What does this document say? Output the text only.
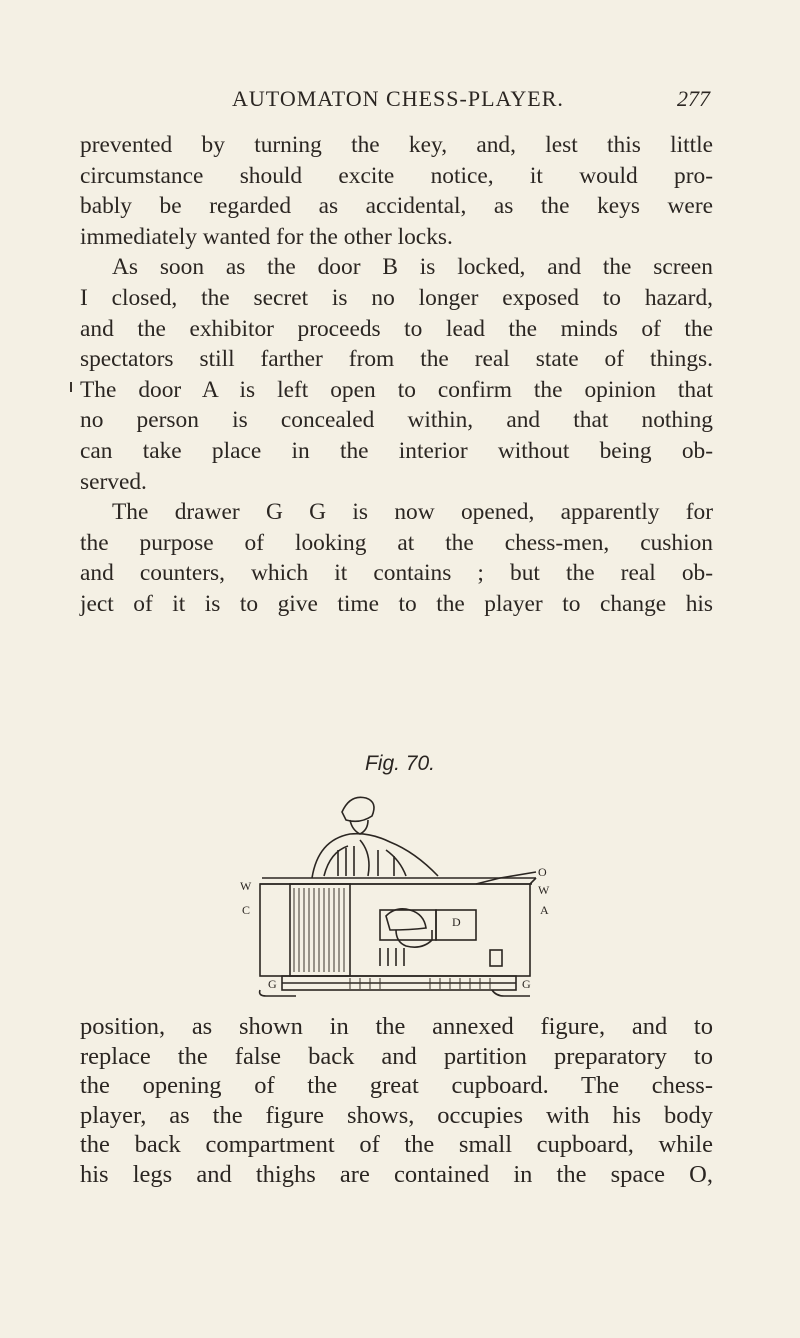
AUTOMATON CHESS-PLAYER.	277
prevented by turning the key, and, lest this little
circumstance should excite notice, it would pro-
bably be regarded as accidental, as the keys were
immediately wanted for the other locks.
As soon as the door B is locked, and the screen
I closed, the secret is no longer exposed to hazard,
and the exhibitor proceeds to lead the minds of the
spectators still farther from the real state of things.
The door A is left open to confirm the opinion that
no person is concealed within, and that nothing
can take place in the interior without being ob-
served.
The drawer G G is now opened, apparently for
the purpose of looking at the chess-men, cushion
and counters, which it contains ; but the real ob-
ject of it is to give time to the player to change his
Fig. 70.
W
C
D
O
W
A
G	G
position, as shown in the annexed figure, and to
replace the false back and partition preparatory to
the opening of the great cupboard. The chess-
player, as the figure shows, occupies with his body
the back compartment of the small cupboard, while
his legs and thighs are contained in the space O,
